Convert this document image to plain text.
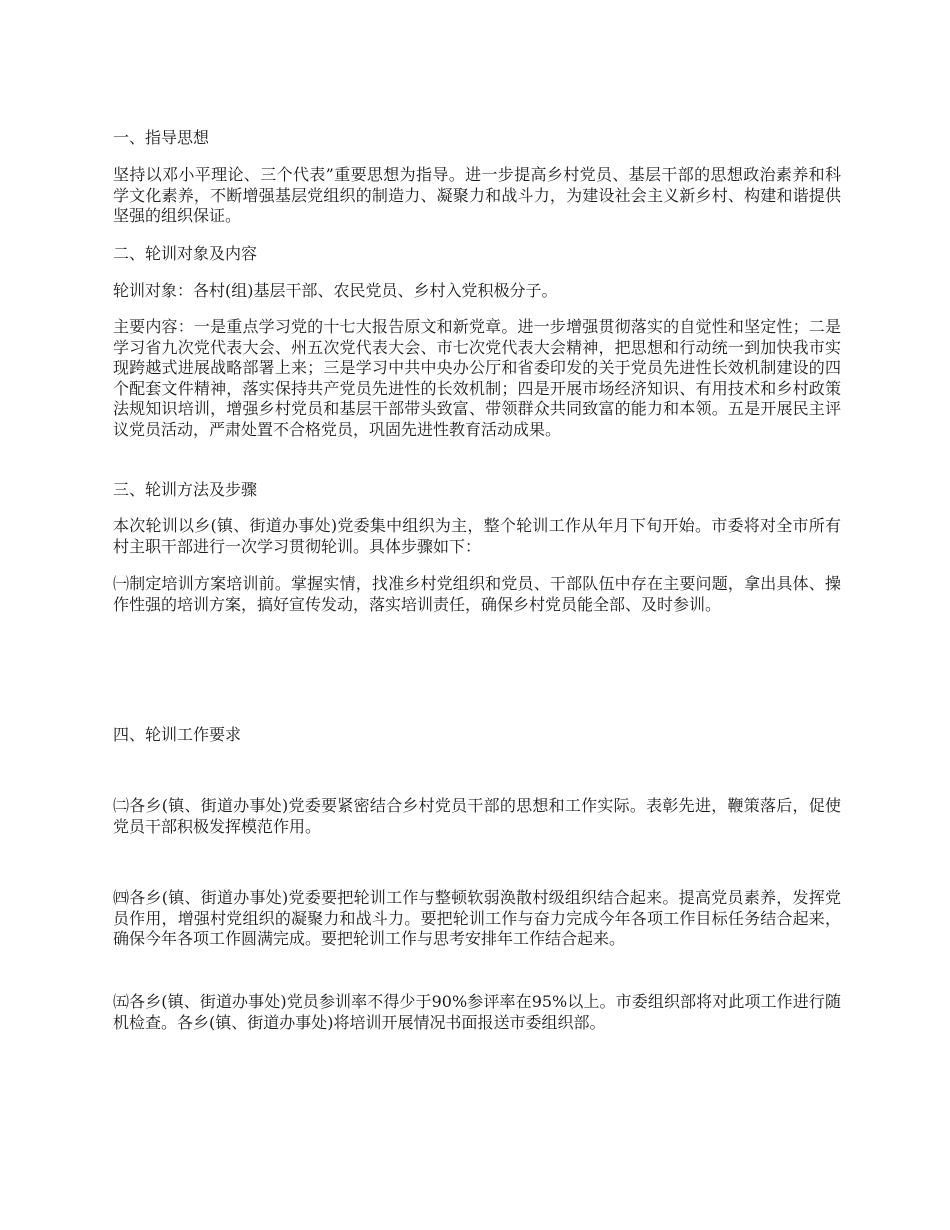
一、指导思想

坚持以邓小平理论、三个代表”重要思想为指导。进一步提高乡村党员、基层干部的思想政治素养和科学文化素养，不断增强基层党组织的制造力、凝聚力和战斗力，为建设社会主义新乡村、构建和谐提供坚强的组织保证。

二、轮训对象及内容

轮训对象：各村(组)基层干部、农民党员、乡村入党积极分子。

主要内容：一是重点学习党的十七大报告原文和新党章。进一步增强贯彻落实的自觉性和坚定性；二是学习省九次党代表大会、州五次党代表大会、市七次党代表大会精神，把思想和行动统一到加快我市实现跨越式进展战略部署上来；三是学习中共中央办公厅和省委印发的关于党员先进性长效机制建设的四个配套文件精神，落实保持共产党员先进性的长效机制；四是开展市场经济知识、有用技术和乡村政策法规知识培训，增强乡村党员和基层干部带头致富、带领群众共同致富的能力和本领。五是开展民主评议党员活动，严肃处置不合格党员，巩固先进性教育活动成果。

三、轮训方法及步骤

本次轮训以乡(镇、街道办事处)党委集中组织为主，整个轮训工作从年月下旬开始。市委将对全市所有村主职干部进行一次学习贯彻轮训。具体步骤如下：

㈠制定培训方案培训前。掌握实情，找准乡村党组织和党员、干部队伍中存在主要问题，拿出具体、操作性强的培训方案，搞好宣传发动，落实培训责任，确保乡村党员能全部、及时参训。

四、轮训工作要求

㈡各乡(镇、街道办事处)党委要紧密结合乡村党员干部的思想和工作实际。表彰先进，鞭策落后，促使党员干部积极发挥模范作用。

㈣各乡(镇、街道办事处)党委要把轮训工作与整顿软弱涣散村级组织结合起来。提高党员素养，发挥党员作用，增强村党组织的凝聚力和战斗力。要把轮训工作与奋力完成今年各项工作目标任务结合起来，确保今年各项工作圆满完成。要把轮训工作与思考安排年工作结合起来。

㈤各乡(镇、街道办事处)党员参训率不得少于90%参评率在95%以上。市委组织部将对此项工作进行随机检查。各乡(镇、街道办事处)将培训开展情况书面报送市委组织部。
